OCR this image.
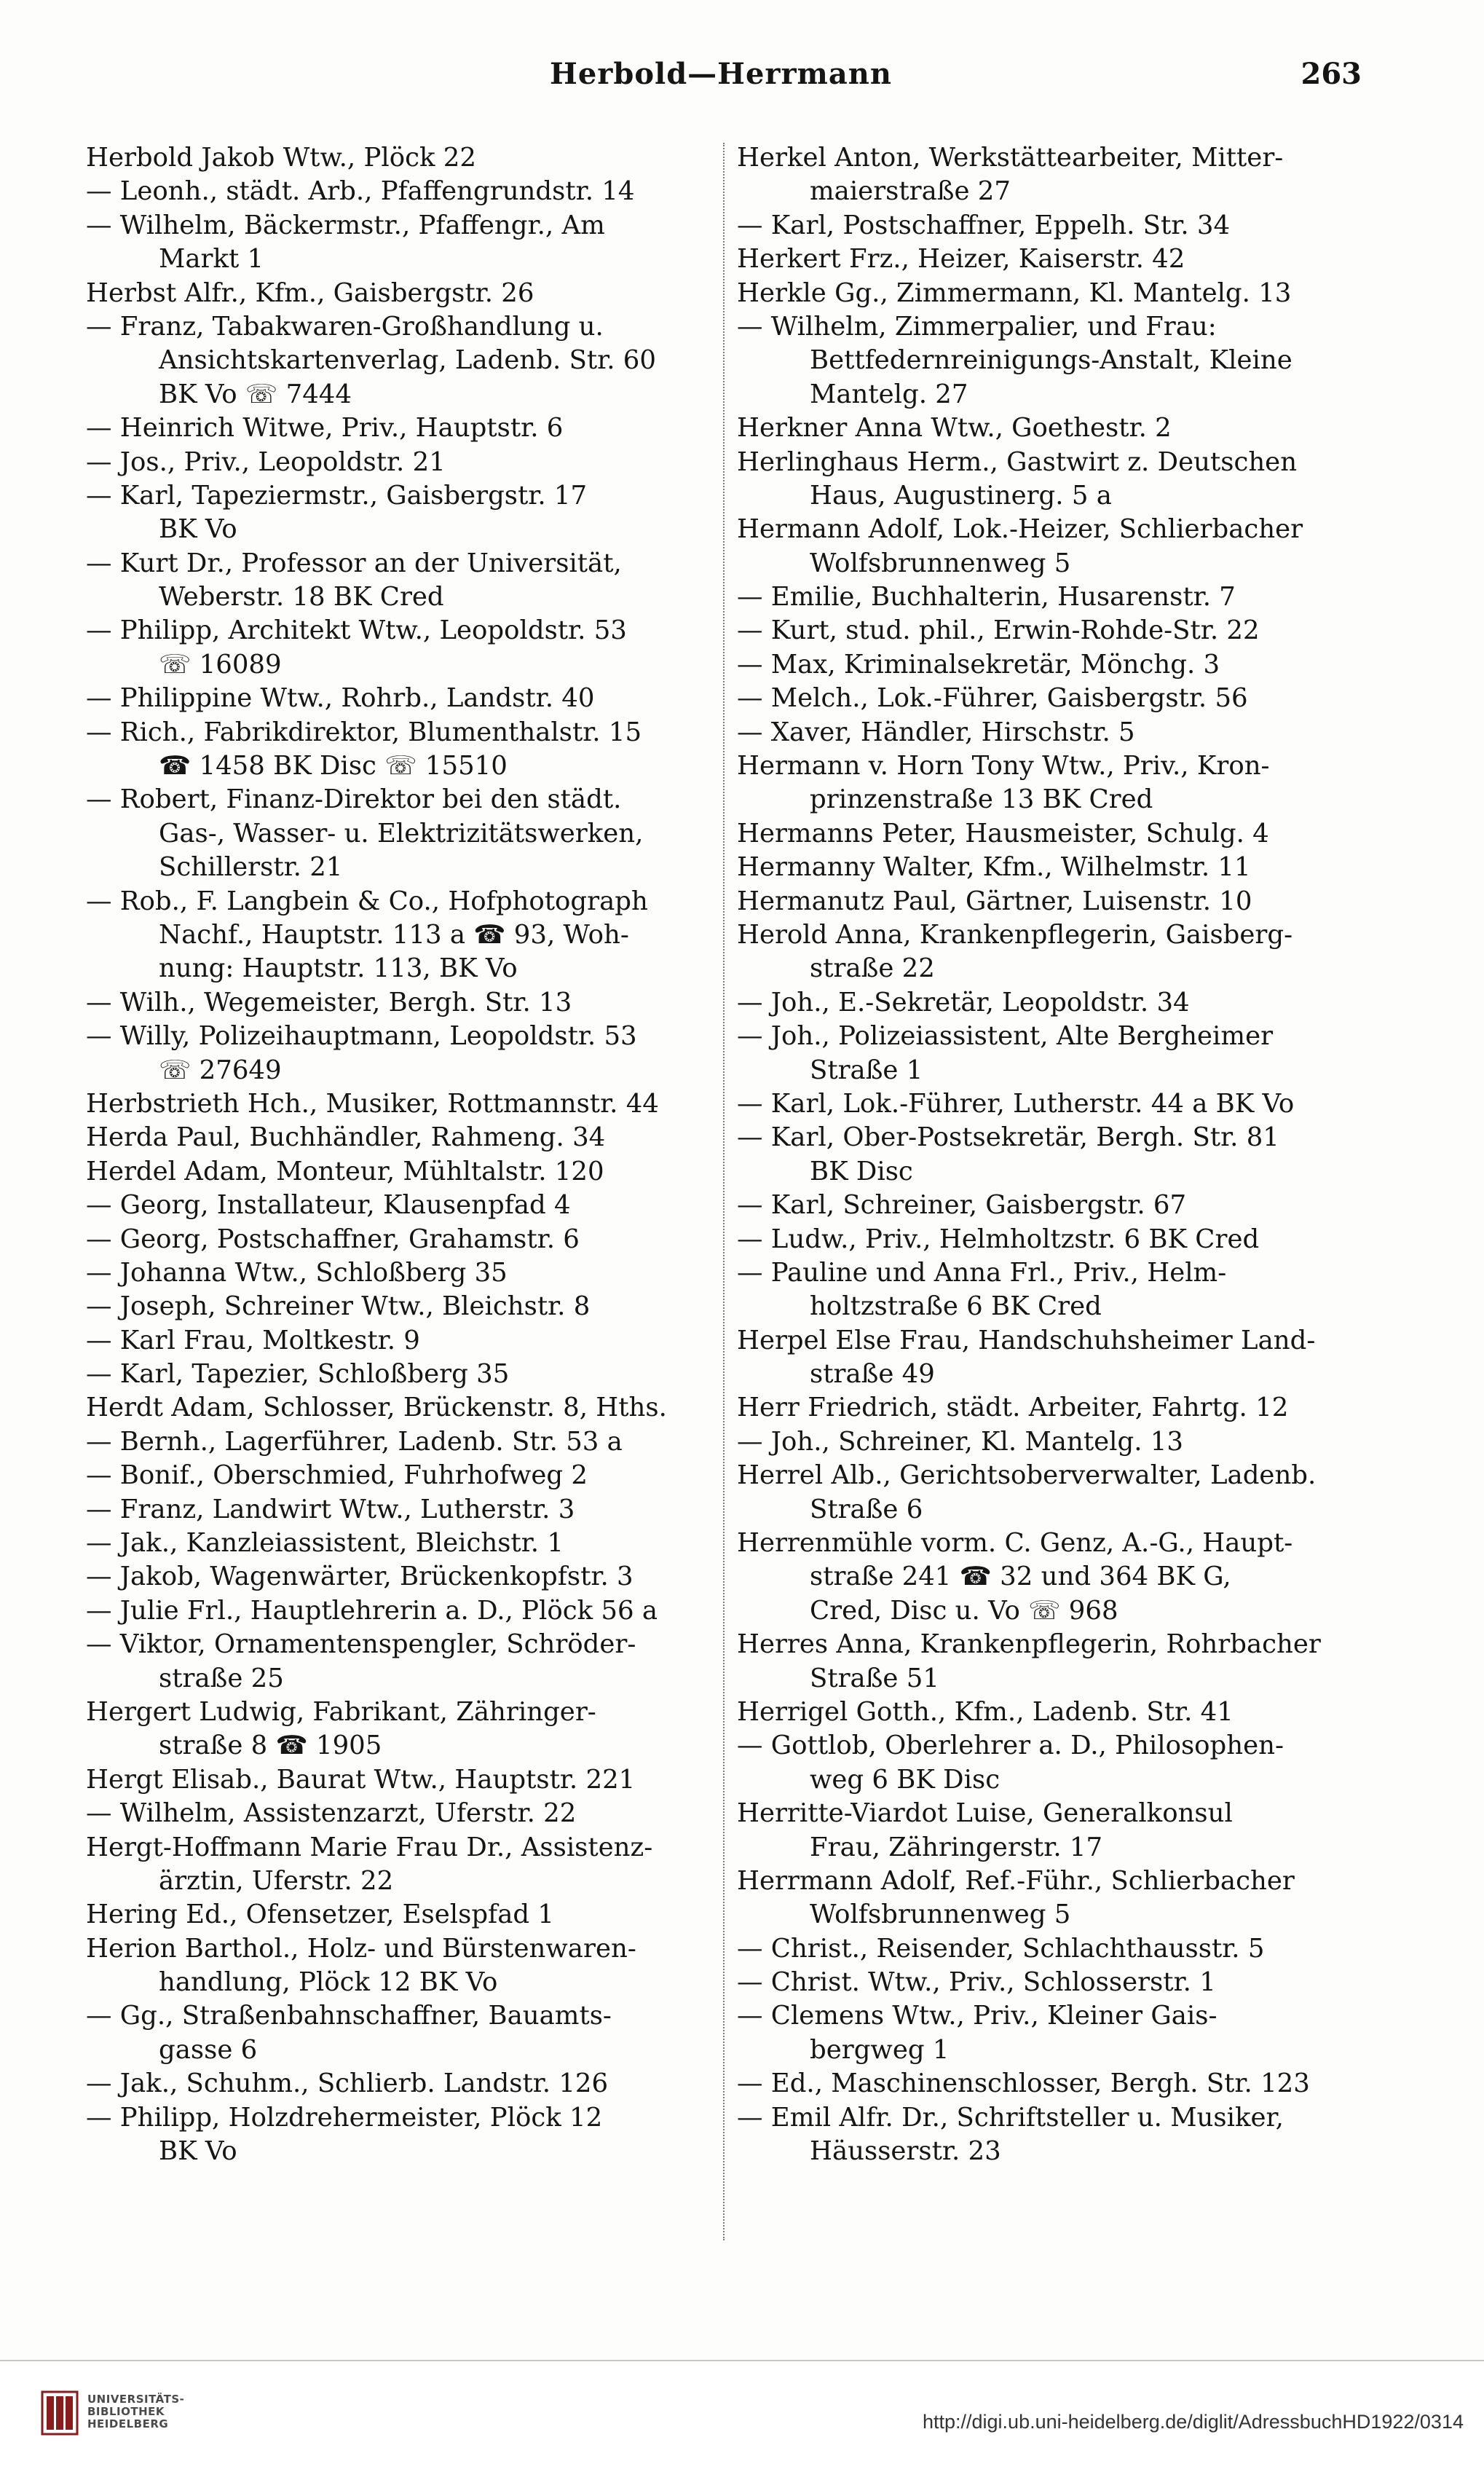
Herbold—Herrmann	263
Herbold Jakob Wtw., Plöck 22
— Leonh., städt. Arb., Pfaffengrundstr. 14
— Wilhelm, Bäckermstr., Pfaffengr., Am
Markt 1
Herbst Alfr., Kfm., Gaisbergstr. 26
— Franz, Tabakwaren-Großhandlung u.
Ansichtskartenverlag, Ladenb. Str. 60
BK Vo ☏ 7444
— Heinrich Witwe, Priv., Hauptstr. 6
— Jos., Priv., Leopoldstr. 21
— Karl, Tapeziermstr., Gaisbergstr. 17
BK Vo
— Kurt Dr., Professor an der Universität,
Weberstr. 18 BK Cred
— Philipp, Architekt Wtw., Leopoldstr. 53
☏ 16089
— Philippine Wtw., Rohrb., Landstr. 40
— Rich., Fabrikdirektor, Blumenthalstr. 15
☎ 1458 BK Disc ☏ 15510
— Robert, Finanz-Direktor bei den städt.
Gas-, Wasser- u. Elektrizitätswerken,
Schillerstr. 21
— Rob., F. Langbein & Co., Hofphotograph
Nachf., Hauptstr. 113 a ☎ 93, Woh-
nung: Hauptstr. 113, BK Vo
— Wilh., Wegemeister, Bergh. Str. 13
— Willy, Polizeihauptmann, Leopoldstr. 53
☏ 27649
Herbstrieth Hch., Musiker, Rottmannstr. 44
Herda Paul, Buchhändler, Rahmeng. 34
Herdel Adam, Monteur, Mühltalstr. 120
— Georg, Installateur, Klausenpfad 4
— Georg, Postschaffner, Grahamstr. 6
— Johanna Wtw., Schloßberg 35
— Joseph, Schreiner Wtw., Bleichstr. 8
— Karl Frau, Moltkestr. 9
— Karl, Tapezier, Schloßberg 35
Herdt Adam, Schlosser, Brückenstr. 8, Hths.
— Bernh., Lagerführer, Ladenb. Str. 53 a
— Bonif., Oberschmied, Fuhrhofweg 2
— Franz, Landwirt Wtw., Lutherstr. 3
— Jak., Kanzleiassistent, Bleichstr. 1
— Jakob, Wagenwärter, Brückenkopfstr. 3
— Julie Frl., Hauptlehrerin a. D., Plöck 56 a
— Viktor, Ornamentenspengler, Schröder-
straße 25
Hergert Ludwig, Fabrikant, Zähringer-
straße 8 ☎ 1905
Hergt Elisab., Baurat Wtw., Hauptstr. 221
— Wilhelm, Assistenzarzt, Uferstr. 22
Hergt-Hoffmann Marie Frau Dr., Assistenz-
ärztin, Uferstr. 22
Hering Ed., Ofensetzer, Eselspfad 1
Herion Barthol., Holz- und Bürstenwaren-
handlung, Plöck 12 BK Vo
— Gg., Straßenbahnschaffner, Bauamts-
gasse 6
— Jak., Schuhm., Schlierb. Landstr. 126
— Philipp, Holzdrehermeister, Plöck 12
BK Vo
Herkel Anton, Werkstättearbeiter, Mitter-
maierstraße 27
— Karl, Postschaffner, Eppelh. Str. 34
Herkert Frz., Heizer, Kaiserstr. 42
Herkle Gg., Zimmermann, Kl. Mantelg. 13
— Wilhelm, Zimmerpalier, und Frau:
Bettfedernreinigungs-Anstalt, Kleine
Mantelg. 27
Herkner Anna Wtw., Goethestr. 2
Herlinghaus Herm., Gastwirt z. Deutschen
Haus, Augustinerg. 5 a
Hermann Adolf, Lok.-Heizer, Schlierbacher
Wolfsbrunnenweg 5
— Emilie, Buchhalterin, Husarenstr. 7
— Kurt, stud. phil., Erwin-Rohde-Str. 22
— Max, Kriminalsekretär, Mönchg. 3
— Melch., Lok.-Führer, Gaisbergstr. 56
— Xaver, Händler, Hirschstr. 5
Hermann v. Horn Tony Wtw., Priv., Kron-
prinzenstraße 13 BK Cred
Hermanns Peter, Hausmeister, Schulg. 4
Hermanny Walter, Kfm., Wilhelmstr. 11
Hermanutz Paul, Gärtner, Luisenstr. 10
Herold Anna, Krankenpflegerin, Gaisberg-
straße 22
— Joh., E.-Sekretär, Leopoldstr. 34
— Joh., Polizeiassistent, Alte Bergheimer
Straße 1
— Karl, Lok.-Führer, Lutherstr. 44 a BK Vo
— Karl, Ober-Postsekretär, Bergh. Str. 81
BK Disc
— Karl, Schreiner, Gaisbergstr. 67
— Ludw., Priv., Helmholtzstr. 6 BK Cred
— Pauline und Anna Frl., Priv., Helm-
holtzstraße 6 BK Cred
Herpel Else Frau, Handschuhsheimer Land-
straße 49
Herr Friedrich, städt. Arbeiter, Fahrtg. 12
— Joh., Schreiner, Kl. Mantelg. 13
Herrel Alb., Gerichtsoberverwalter, Ladenb.
Straße 6
Herrenmühle vorm. C. Genz, A.-G., Haupt-
straße 241 ☎ 32 und 364 BK G,
Cred, Disc u. Vo ☏ 968
Herres Anna, Krankenpflegerin, Rohrbacher
Straße 51
Herrigel Gotth., Kfm., Ladenb. Str. 41
— Gottlob, Oberlehrer a. D., Philosophen-
weg 6 BK Disc
Herritte-Viardot Luise, Generalkonsul
Frau, Zähringerstr. 17
Herrmann Adolf, Ref.-Führ., Schlierbacher
Wolfsbrunnenweg 5
— Christ., Reisender, Schlachthausstr. 5
— Christ. Wtw., Priv., Schlosserstr. 1
— Clemens Wtw., Priv., Kleiner Gais-
bergweg 1
— Ed., Maschinenschlosser, Bergh. Str. 123
— Emil Alfr. Dr., Schriftsteller u. Musiker,
Häusserstr. 23
UNIVERSITÄTS-
BIBLIOTHEK
HEIDELBERG	http://digi.ub.uni-heidelberg.de/diglit/AdressbuchHD1922/0314
